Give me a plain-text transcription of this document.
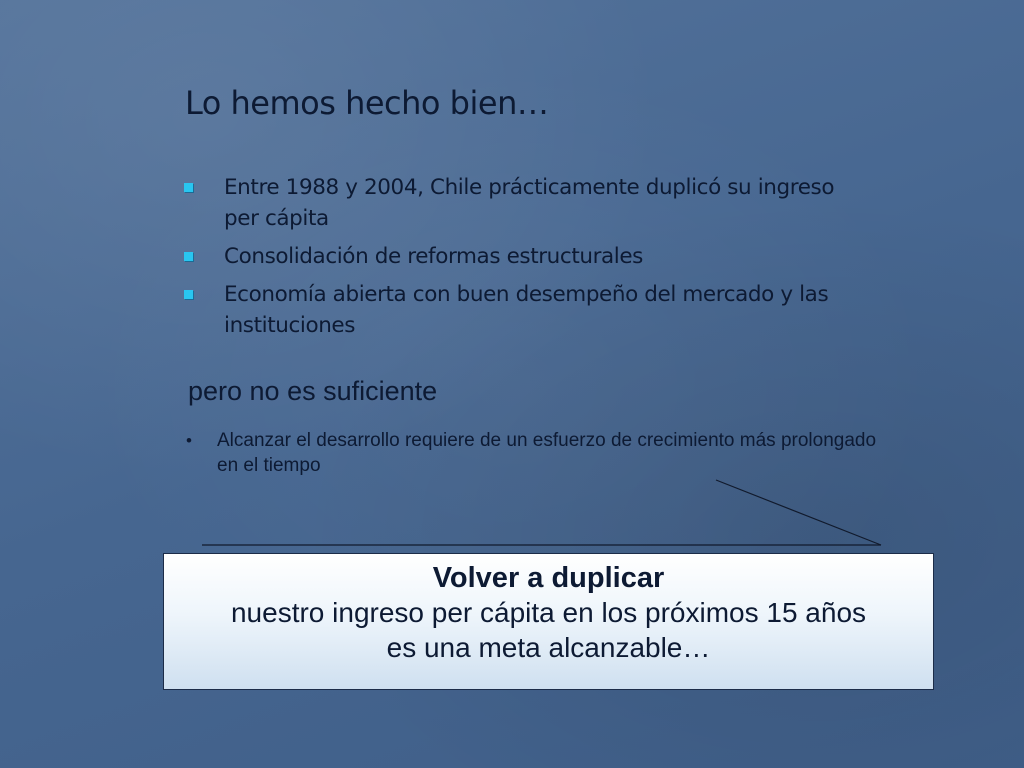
Lo hemos hecho bien…
Entre 1988 y 2004, Chile prácticamente duplicó su ingreso per cápita
Consolidación de reformas estructurales
Economía abierta con buen desempeño del mercado y las instituciones
pero no es suficiente
• Alcanzar el desarrollo requiere de un esfuerzo de crecimiento más prolongado en el tiempo
Volver a duplicar
nuestro ingreso per cápita en los próximos 15 años
es una meta alcanzable…
